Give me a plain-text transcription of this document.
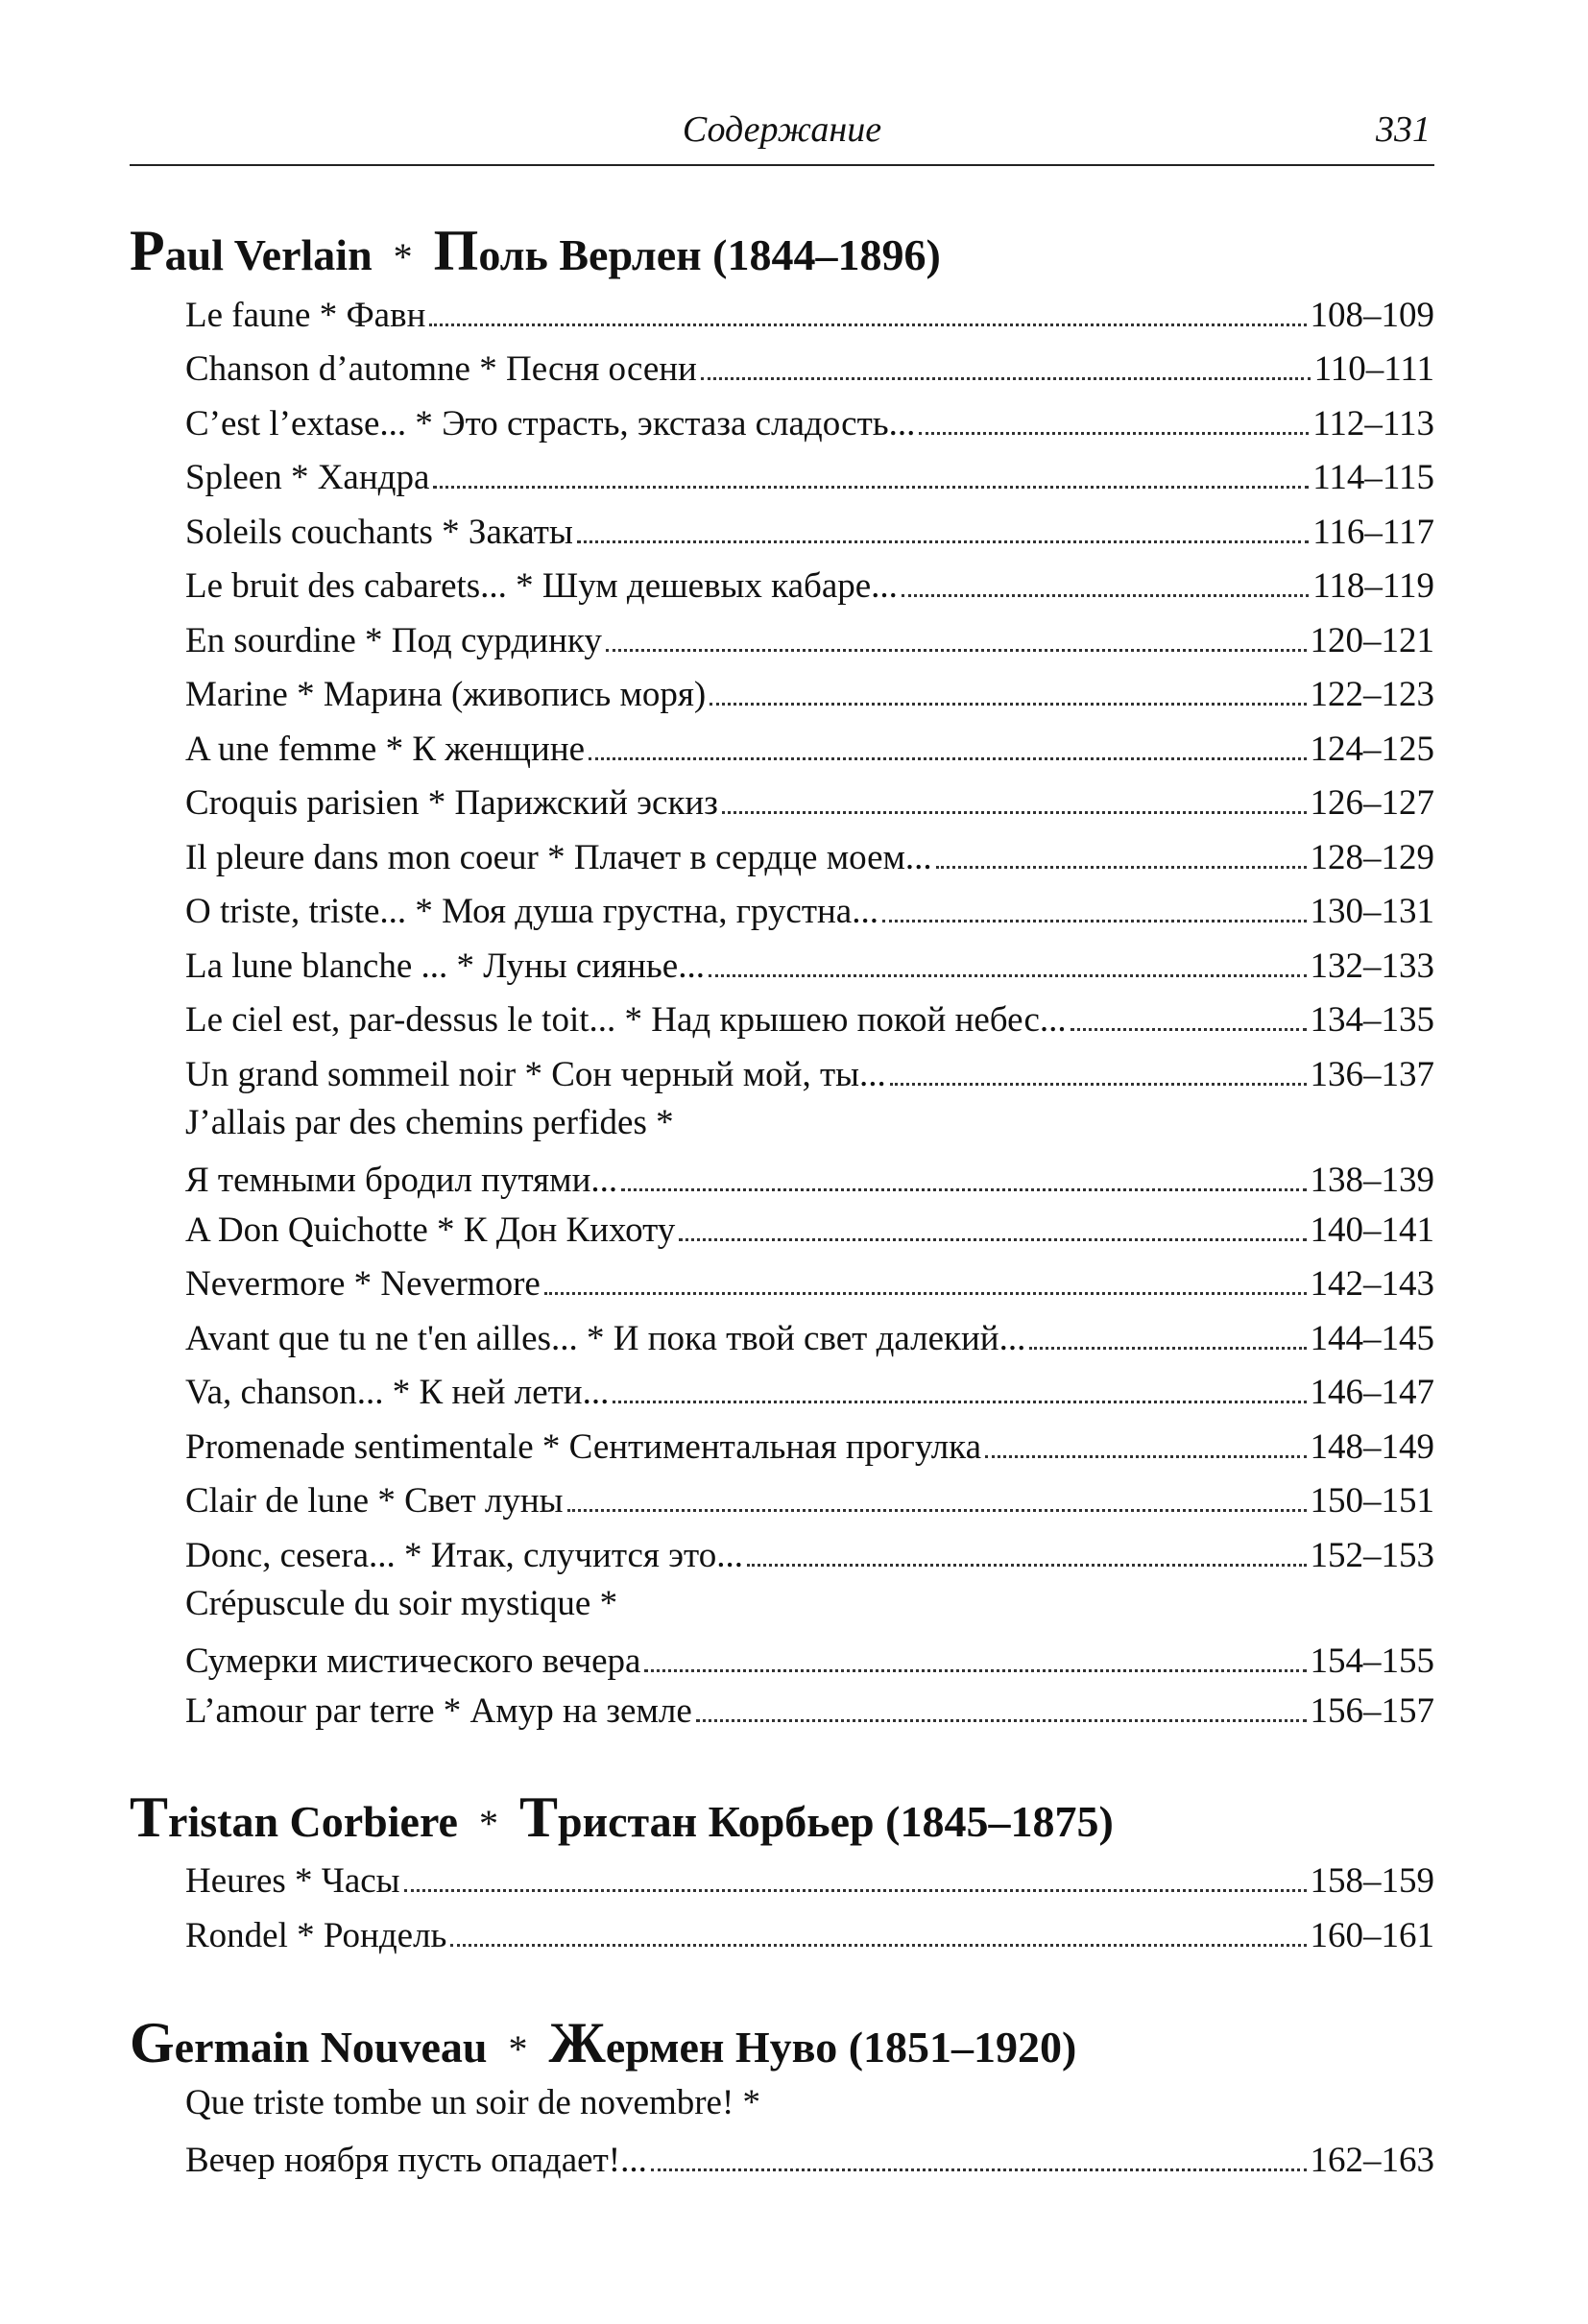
Содержание	331
Paul Verlain * Поль Верлен (1844–1896)
Le faune * Фавн	108–109
Chanson d’automne * Песня осени	110–111
C’est l’extase... * Это страсть, экстаза сладость...	112–113
Spleen * Хандра	114–115
Soleils couchants * Закаты	116–117
Le bruit des cabarets... * Шум дешевых кабаре...	118–119
En sourdine * Под сурдинку	120–121
Marine * Марина (живопись моря)	122–123
A une femme * К женщине	124–125
Croquis parisien * Парижский эскиз	126–127
Il pleure dans mon coeur * Плачет в сердце моем...	128–129
O triste, triste... * Моя душа грустна, грустна...	130–131
La lune blanche ... * Луны сиянье...	132–133
Le ciel est, par-dessus le toit... * Над крышею покой небес...	134–135
Un grand sommeil noir * Сон черный мой, ты...	136–137
J’allais par des chemins perfides *
Я темными бродил путями...	138–139
A Don Quichotte * К Дон Кихоту	140–141
Nevermore * Nevermore	142–143
Avant que tu ne t'en ailles... * И пока твой свет далекий...	144–145
Va, chanson... * К ней лети...	146–147
Promenade sentimentale * Сентиментальная прогулка	148–149
Clair de lune * Свет луны	150–151
Donc, cesera... * Итак, случится это...	152–153
Crépuscule du soir mystique *
Сумерки мистического вечера	154–155
L’amour par terre * Амур на земле	156–157
Tristan Corbiere * Тристан Корбьер (1845–1875)
Heures * Часы	158–159
Rondel * Рондель	160–161
Germain Nouveau * Жермен Нуво (1851–1920)
Que triste tombe un soir de novembre! *
Вечер ноября пусть опадает!...	162–163
